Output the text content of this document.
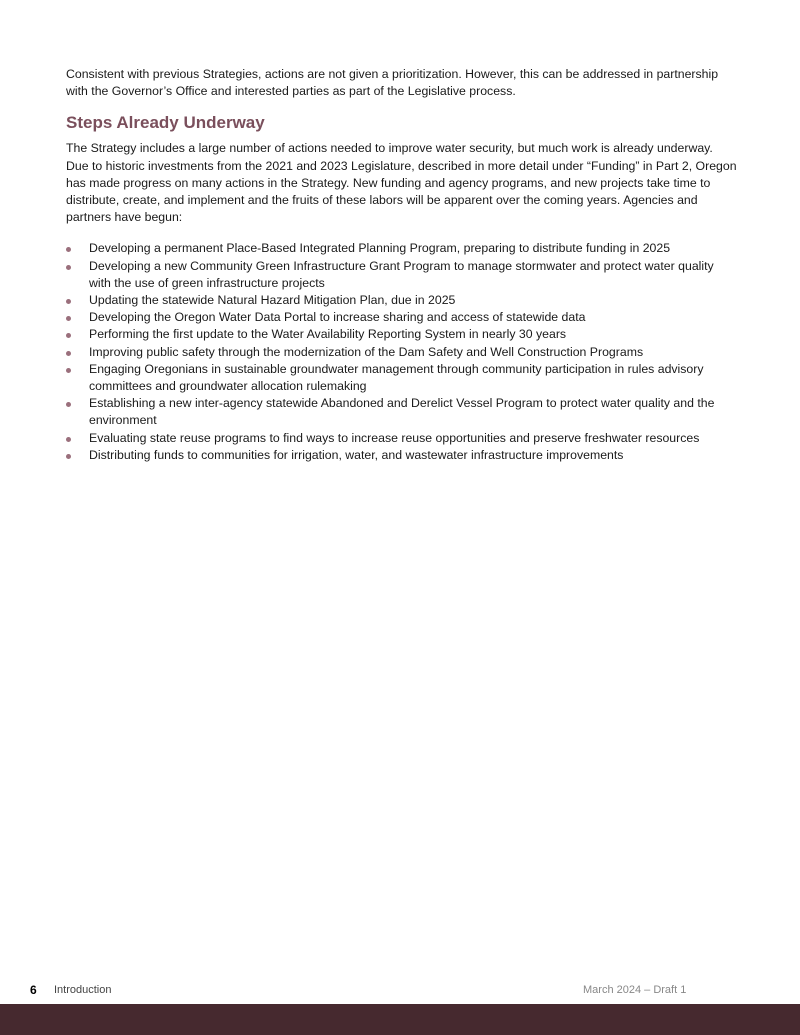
Consistent with previous Strategies, actions are not given a prioritization. However, this can be addressed in partnership with the Governor’s Office and interested parties as part of the Legislative process.

Steps Already Underway

The Strategy includes a large number of actions needed to improve water security, but much work is already underway. Due to historic investments from the 2021 and 2023 Legislature, described in more detail under “Funding” in Part 2, Oregon has made progress on many actions in the Strategy. New funding and agency programs, and new projects take time to distribute, create, and implement and the fruits of these labors will be apparent over the coming years. Agencies and partners have begun:

Developing a permanent Place-Based Integrated Planning Program, preparing to distribute funding in 2025
Developing a new Community Green Infrastructure Grant Program to manage stormwater and protect water quality with the use of green infrastructure projects
Updating the statewide Natural Hazard Mitigation Plan, due in 2025
Developing the Oregon Water Data Portal to increase sharing and access of statewide data
Performing the first update to the Water Availability Reporting System in nearly 30 years
Improving public safety through the modernization of the Dam Safety and Well Construction Programs
Engaging Oregonians in sustainable groundwater management through community participation in rules advisory committees and groundwater allocation rulemaking
Establishing a new inter-agency statewide Abandoned and Derelict Vessel Program to protect water quality and the environment
Evaluating state reuse programs to find ways to increase reuse opportunities and preserve freshwater resources
Distributing funds to communities for irrigation, water, and wastewater infrastructure improvements
6 Introduction	March 2024 – Draft 1
